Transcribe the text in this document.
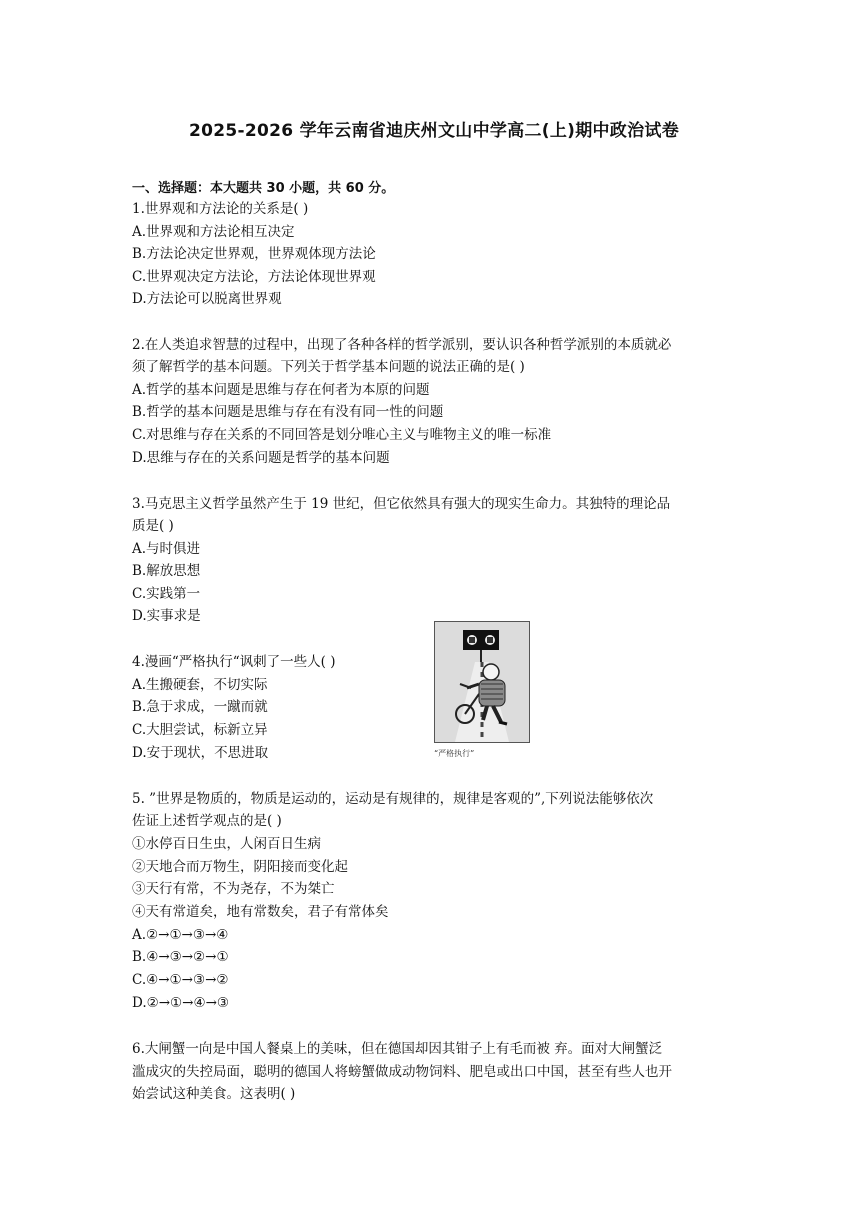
2025-2026 学年云南省迪庆州文山中学高二(上)期中政治试卷
一、选择题：本大题共 30 小题，共 60 分。
1.世界观和方法论的关系是( )
A.世界观和方法论相互决定
B.方法论决定世界观，世界观体现方法论
C.世界观决定方法论，方法论体现世界观
D.方法论可以脱离世界观
2.在人类追求智慧的过程中，出现了各种各样的哲学派别，要认识各种哲学派别的本质就必
须了解哲学的基本问题。下列关于哲学基本问题的说法正确的是( )
A.哲学的基本问题是思维与存在何者为本原的问题
B.哲学的基本问题是思维与存在有没有同一性的问题
C.对思维与存在关系的不同回答是划分唯心主义与唯物主义的唯一标准
D.思维与存在的关系问题是哲学的基本问题
3.马克思主义哲学虽然产生于 19 世纪，但它依然具有强大的现实生命力。其独特的理论品
质是( )
A.与时俱进
B.解放思想
C.实践第一
D.实事求是
4.漫画“严格执行“讽刺了一些人( )
A.生搬硬套，不切实际
B.急于求成，一蹴而就
C.大胆尝试，标新立异
D.安于现状，不思进取	“严格执行”
5. ”世界是物质的，物质是运动的，运动是有规律的，规律是客观的”,下列说法能够依次
佐证上述哲学观点的是( )
①水停百日生虫，人闲百日生病
②天地合而万物生，阴阳接而变化起
③天行有常，不为尧存，不为桀亡
④天有常道矣，地有常数矣，君子有常体矣
A.②→①→③→④
B.④→③→②→①
C.④→①→③→②
D.②→①→④→③
6.大闸蟹一向是中国人餐桌上的美味，但在德国却因其钳子上有毛而被 弃。面对大闸蟹泛
滥成灾的失控局面，聪明的德国人将螃蟹做成动物饲料、肥皂或出口中国，甚至有些人也开
始尝试这种美食。这表明( )
